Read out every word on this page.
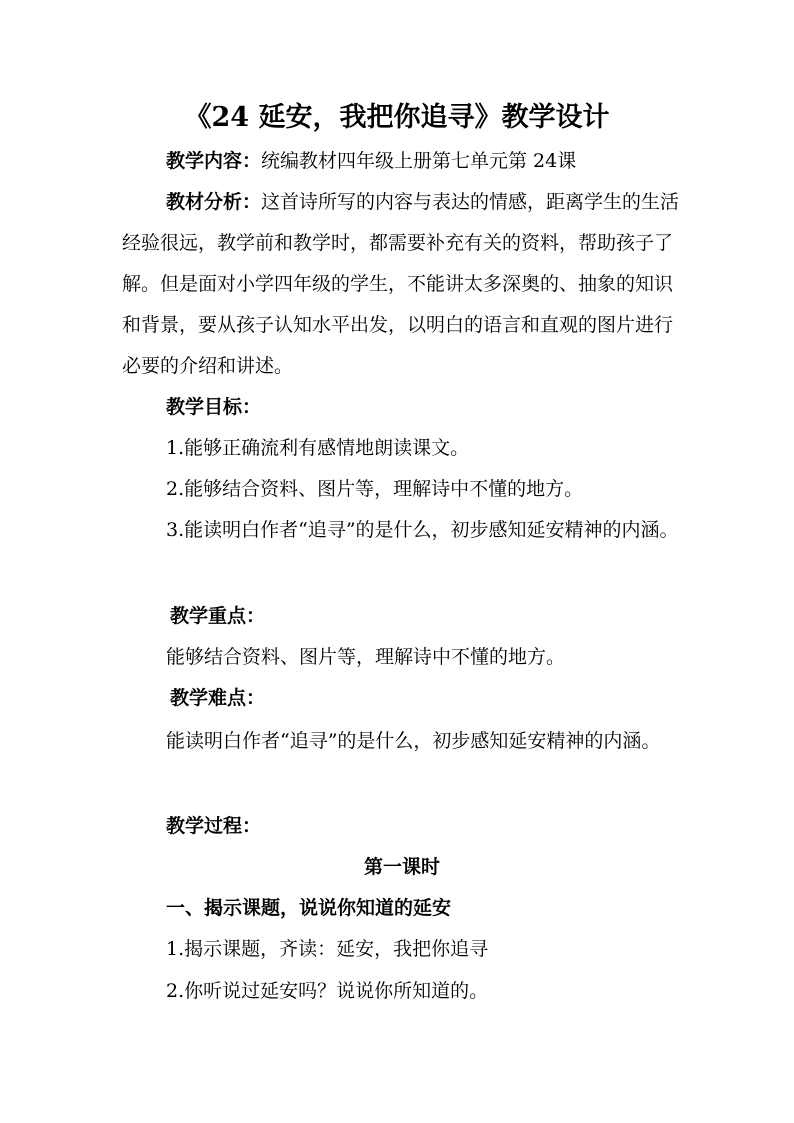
《24 延安，我把你追寻》教学设计
教学内容：统编教材四年级上册第七单元第 24课
教材分析：这首诗所写的内容与表达的情感，距离学生的生活经验很远，教学前和教学时，都需要补充有关的资料，帮助孩子了解。但是面对小学四年级的学生，不能讲太多深奥的、抽象的知识和背景，要从孩子认知水平出发，以明白的语言和直观的图片进行必要的介绍和讲述。
教学目标：
1.能够正确流利有感情地朗读课文。
2.能够结合资料、图片等，理解诗中不懂的地方。
3.能读明白作者“追寻”的是什么，初步感知延安精神的内涵。
教学重点：
能够结合资料、图片等，理解诗中不懂的地方。
教学难点：
能读明白作者“追寻”的是什么，初步感知延安精神的内涵。
教学过程：
第一课时
一、揭示课题，说说你知道的延安
1.揭示课题，齐读：延安，我把你追寻
2.你听说过延安吗？说说你所知道的。
